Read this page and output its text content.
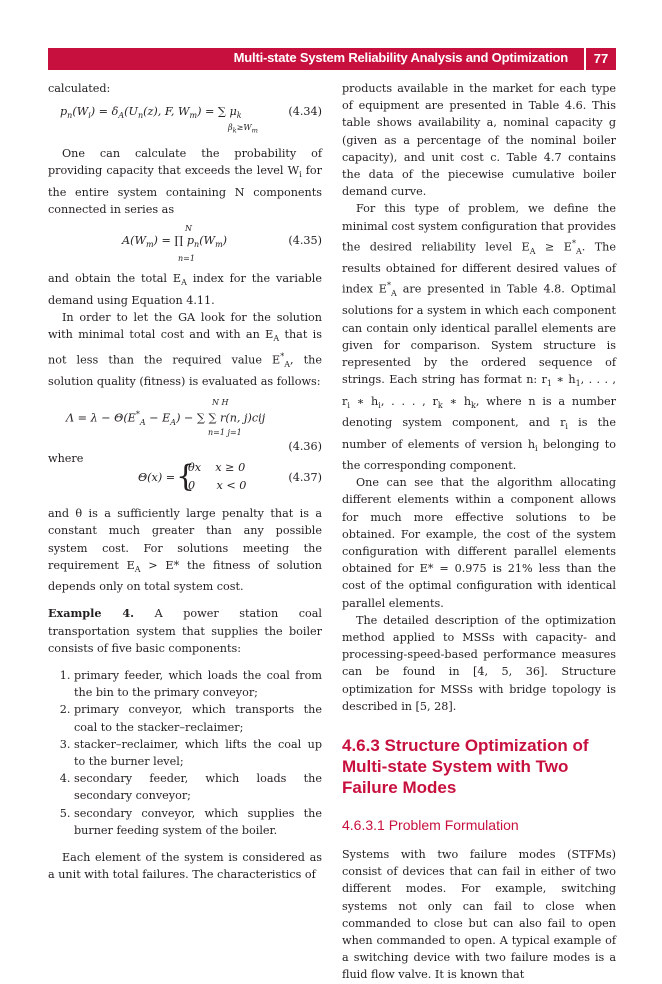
Multi-state System Reliability Analysis and Optimization	77

calculated:

$p_n(W_i) = \delta_A(U_n(z)$, F, $W_m$) = ∑ $\mu_k$
$\beta_k\ge W_m$
(4.34)

One can calculate the probability of providing capacity that exceeds the level $W_i$ for the entire system containing N components connected in series as

N
$A(W_m)$ = ∏ $p_n(W_m)$
n=1
(4.35)

and obtain the total $E_A$ index for the variable demand using Equation 4.11.

In order to let the GA look for the solution with minimal total cost and with an $E_A$ that is not less than the required value $E^*_A$, the solution quality (fitness) is evaluated as follows:

N H
$\Lambda = \lambda - \Theta(E^*_A - E_A)$ − ∑ ∑ r(n, j)cij
n=1 j=1
(4.36)

where

Θ(x) = {
θx    x ≥ 0
0      x < 0
(4.37)

and θ is a sufficiently large penalty that is a constant much greater than any possible system cost. For solutions meeting the requirement $E_A > E*$ the fitness of solution depends only on total system cost.

Example 4. A power station coal transportation system that supplies the boiler consists of five basic components:

1. primary feeder, which loads the coal from the bin to the primary conveyor;
2. primary conveyor, which transports the coal to the stacker–reclaimer;
3. stacker–reclaimer, which lifts the coal up to the burner level;
4. secondary feeder, which loads the secondary conveyor;
5. secondary conveyor, which supplies the burner feeding system of the boiler.

Each element of the system is considered as a unit with total failures. The characteristics of

products available in the market for each type of equipment are presented in Table 4.6. This table shows availability a, nominal capacity g (given as a percentage of the nominal boiler capacity), and unit cost c. Table 4.7 contains the data of the piecewise cumulative boiler demand curve.

For this type of problem, we define the minimal cost system configuration that provides the desired reliability level $E_A \ge E^*_A$. The results obtained for different desired values of index $E^*_A$ are presented in Table 4.8. Optimal solutions for a system in which each component can contain only identical parallel elements are given for comparison. System structure is represented by the ordered sequence of strings. Each string has format n: $r_1$ ∗ $h_1$, . . . , $r_i$ ∗ $h_i$, . . . , $r_k$ ∗ $h_k$, where n is a number denoting system component, and $r_i$ is the number of elements of version $h_i$ belonging to the corresponding component.

One can see that the algorithm allocating different elements within a component allows for much more effective solutions to be obtained. For example, the cost of the system configuration with different parallel elements obtained for E* = 0.975 is 21% less than the cost of the optimal configuration with identical parallel elements.

The detailed description of the optimization method applied to MSSs with capacity- and processing-speed-based performance measures can be found in [4, 5, 36]. Structure optimization for MSSs with bridge topology is described in [5, 28].

4.6.3 Structure Optimization of Multi-state System with Two Failure Modes
4.6.3.1 Problem Formulation

Systems with two failure modes (STFMs) consist of devices that can fail in either of two different modes. For example, switching systems not only can fail to close when commanded to close but can also fail to open when commanded to open. A typical example of a switching device with two failure modes is a fluid flow valve. It is known that
